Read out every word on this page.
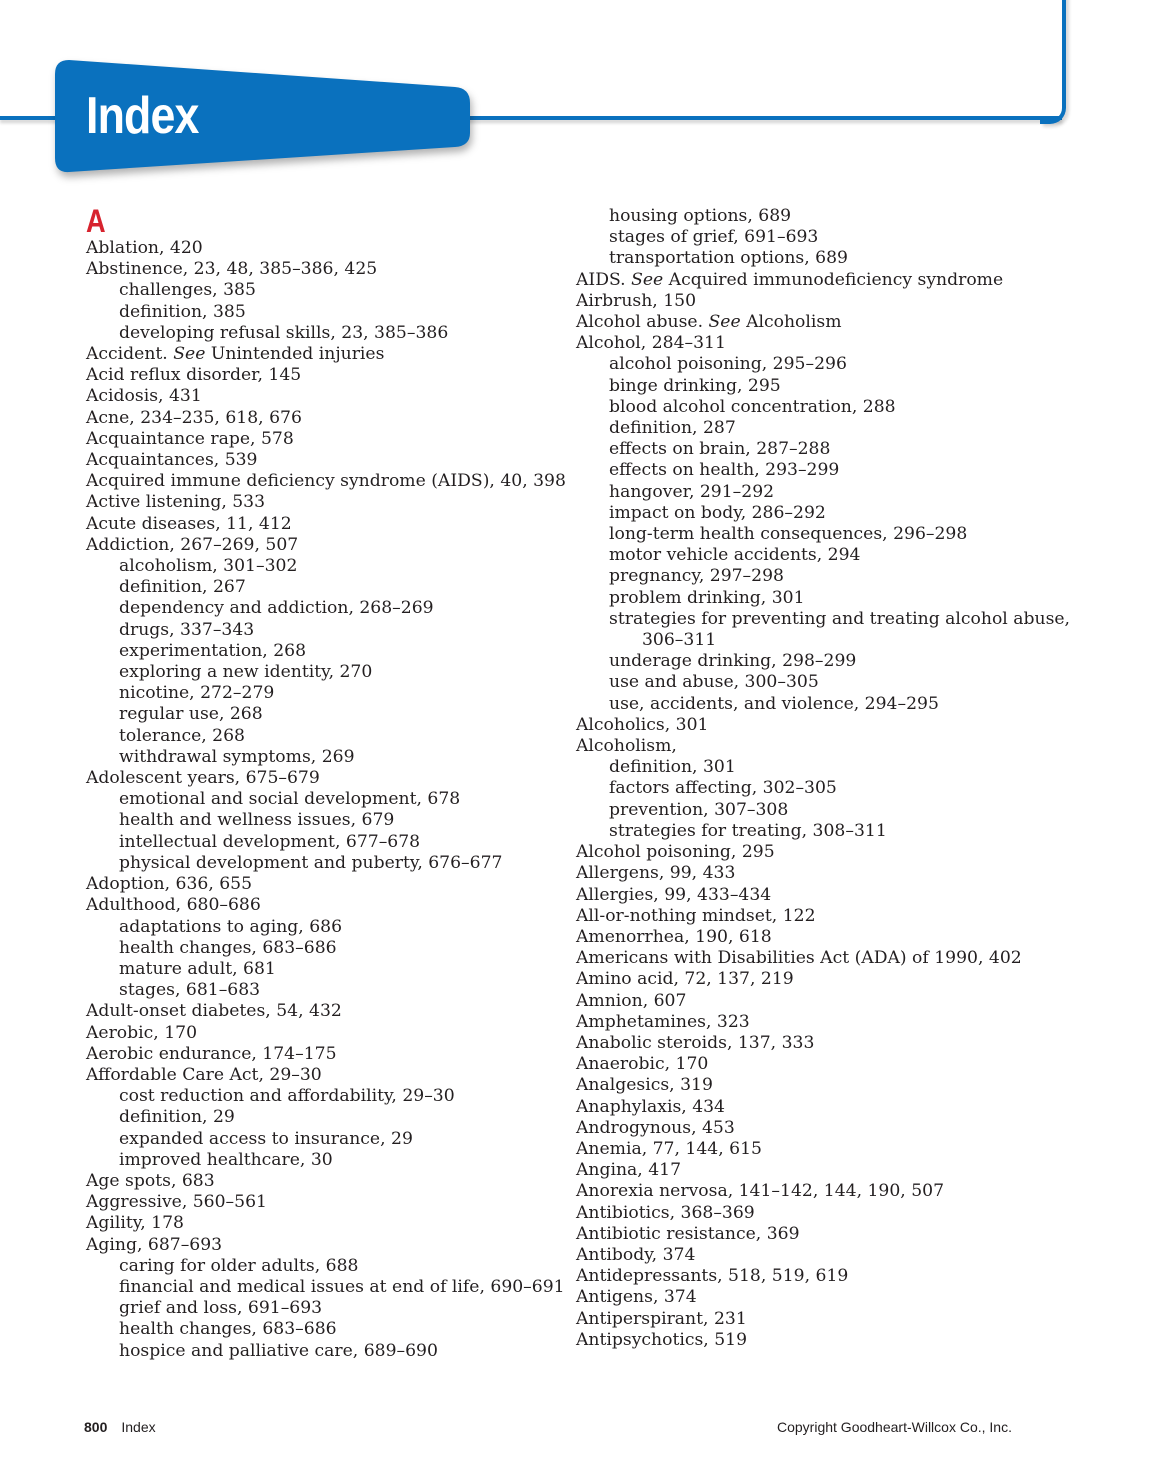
Index
A
Ablation, 420
Abstinence, 23, 48, 385–386, 425
challenges, 385
definition, 385
developing refusal skills, 23, 385–386
Accident. See Unintended injuries
Acid reflux disorder, 145
Acidosis, 431
Acne, 234–235, 618, 676
Acquaintance rape, 578
Acquaintances, 539
Acquired immune deficiency syndrome (AIDS), 40, 398
Active listening, 533
Acute diseases, 11, 412
Addiction, 267–269, 507
alcoholism, 301–302
definition, 267
dependency and addiction, 268–269
drugs, 337–343
experimentation, 268
exploring a new identity, 270
nicotine, 272–279
regular use, 268
tolerance, 268
withdrawal symptoms, 269
Adolescent years, 675–679
emotional and social development, 678
health and wellness issues, 679
intellectual development, 677–678
physical development and puberty, 676–677
Adoption, 636, 655
Adulthood, 680–686
adaptations to aging, 686
health changes, 683–686
mature adult, 681
stages, 681–683
Adult-onset diabetes, 54, 432
Aerobic, 170
Aerobic endurance, 174–175
Affordable Care Act, 29–30
cost reduction and affordability, 29–30
definition, 29
expanded access to insurance, 29
improved healthcare, 30
Age spots, 683
Aggressive, 560–561
Agility, 178
Aging, 687–693
caring for older adults, 688
financial and medical issues at end of life, 690–691
grief and loss, 691–693
health changes, 683–686
hospice and palliative care, 689–690
housing options, 689
stages of grief, 691–693
transportation options, 689
AIDS. See Acquired immunodeficiency syndrome
Airbrush, 150
Alcohol abuse. See Alcoholism
Alcohol, 284–311
alcohol poisoning, 295–296
binge drinking, 295
blood alcohol concentration, 288
definition, 287
effects on brain, 287–288
effects on health, 293–299
hangover, 291–292
impact on body, 286–292
long-term health consequences, 296–298
motor vehicle accidents, 294
pregnancy, 297–298
problem drinking, 301
strategies for preventing and treating alcohol abuse,
306–311
underage drinking, 298–299
use and abuse, 300–305
use, accidents, and violence, 294–295
Alcoholics, 301
Alcoholism,
definition, 301
factors affecting, 302–305
prevention, 307–308
strategies for treating, 308–311
Alcohol poisoning, 295
Allergens, 99, 433
Allergies, 99, 433–434
All-or-nothing mindset, 122
Amenorrhea, 190, 618
Americans with Disabilities Act (ADA) of 1990, 402
Amino acid, 72, 137, 219
Amnion, 607
Amphetamines, 323
Anabolic steroids, 137, 333
Anaerobic, 170
Analgesics, 319
Anaphylaxis, 434
Androgynous, 453
Anemia, 77, 144, 615
Angina, 417
Anorexia nervosa, 141–142, 144, 190, 507
Antibiotics, 368–369
Antibiotic resistance, 369
Antibody, 374
Antidepressants, 518, 519, 619
Antigens, 374
Antiperspirant, 231
Antipsychotics, 519
800 Index	Copyright Goodheart-Willcox Co., Inc.
